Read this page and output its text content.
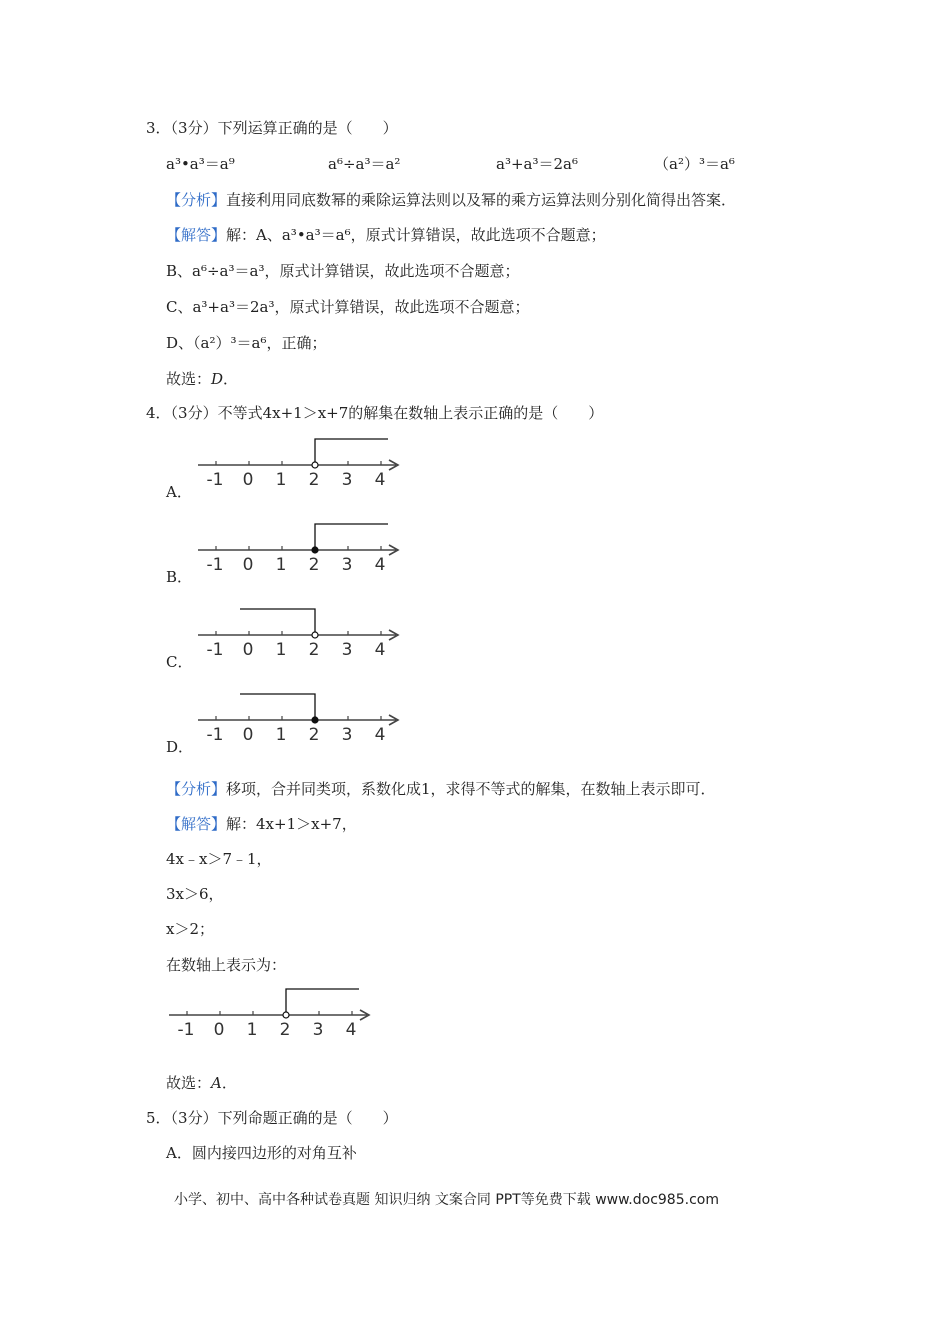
3．（3分）下列运算正确的是（　　）
a³•a³＝a⁹	a⁶÷a³＝a²	a³+a³＝2a⁶	（a²）³＝a⁶
【分析】直接利用同底数幂的乘除运算法则以及幂的乘方运算法则分别化简得出答案．
【解答】解：A、a³•a³＝a⁶，原式计算错误，故此选项不合题意；
B、a⁶÷a³＝a³，原式计算错误，故此选项不合题意；
C、a³+a³＝2a³，原式计算错误，故此选项不合题意；
D、（a²）³＝a⁶，正确；
故选：D．
4．（3分）不等式4x+1＞x+7的解集在数轴上表示正确的是（　　）
A．
-1 0 1 2 3 4
B．
-1 0 1 2 3 4
C．
-1 0 1 2 3 4
D．
-1 0 1 2 3 4
【分析】移项，合并同类项，系数化成1，求得不等式的解集，在数轴上表示即可．
【解答】解：4x+1＞x+7，
4x﹣x＞7﹣1，
3x＞6，
x＞2；
在数轴上表示为：
-1 0 1 2 3 4
故选：A．
5．（3分）下列命题正确的是（　　）
A．圆内接四边形的对角互补
小学、初中、高中各种试卷真题 知识归纳 文案合同 PPT等免费下载 www.doc985.com
